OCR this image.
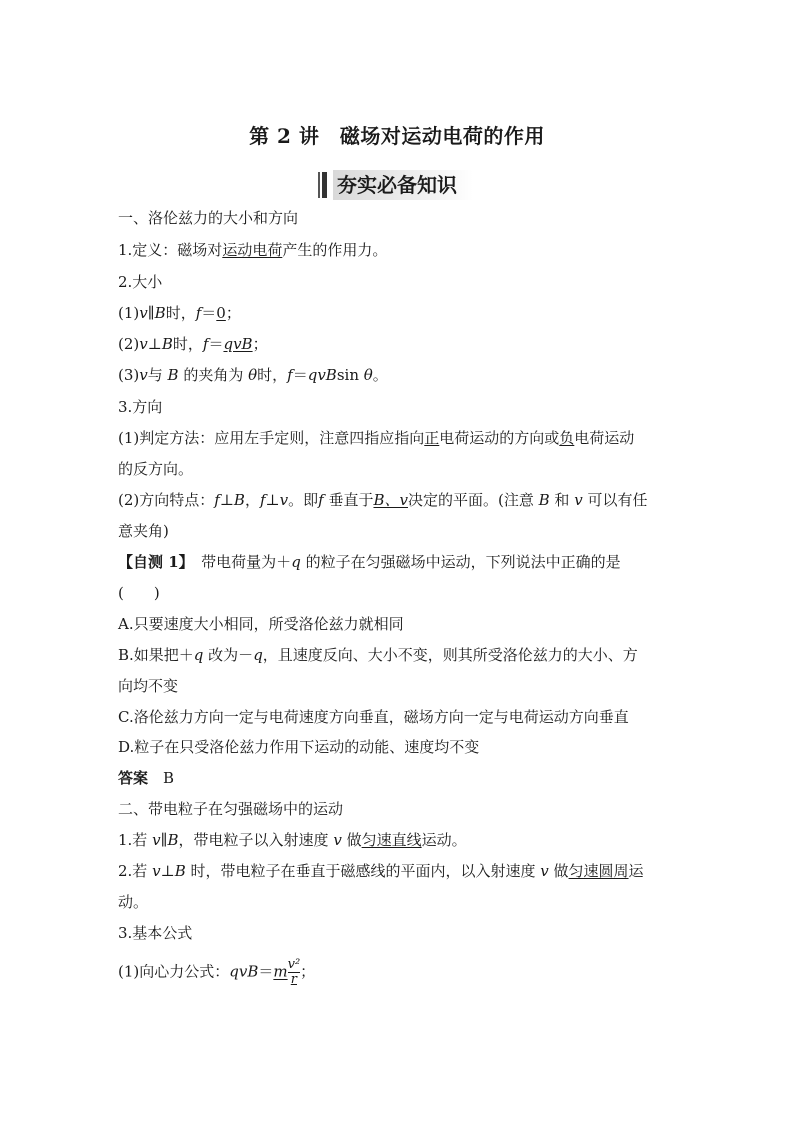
第 2 讲　磁场对运动电荷的作用
夯实必备知识
一、洛伦兹力的大小和方向
1.定义：磁场对运动电荷产生的作用力。
2.大小
(1)v∥B时，f＝0；
(2)v⊥B时，f＝qvB；
(3)v与 B 的夹角为 θ时，f＝qvBsin θ。
3.方向
(1)判定方法：应用左手定则，注意四指应指向正电荷运动的方向或负电荷运动
的反方向。
(2)方向特点：f⊥B，f⊥v。即f 垂直于B、v决定的平面。(注意 B 和 v 可以有任
意夹角)
【自测 1】　带电荷量为＋q 的粒子在匀强磁场中运动，下列说法中正确的是
(　　)
A.只要速度大小相同，所受洛伦兹力就相同
B.如果把＋q 改为－q，且速度反向、大小不变，则其所受洛伦兹力的大小、方
向均不变
C.洛伦兹力方向一定与电荷速度方向垂直，磁场方向一定与电荷运动方向垂直
D.粒子在只受洛伦兹力作用下运动的动能、速度均不变
答案　B
二、带电粒子在匀强磁场中的运动
1.若 v∥B，带电粒子以入射速度 v 做匀速直线运动。
2.若 v⊥B 时，带电粒子在垂直于磁感线的平面内，以入射速度 v 做匀速圆周运
动。
3.基本公式
(1)向心力公式：$qvB=m \frac{\text{v²}}{r}$ ；
